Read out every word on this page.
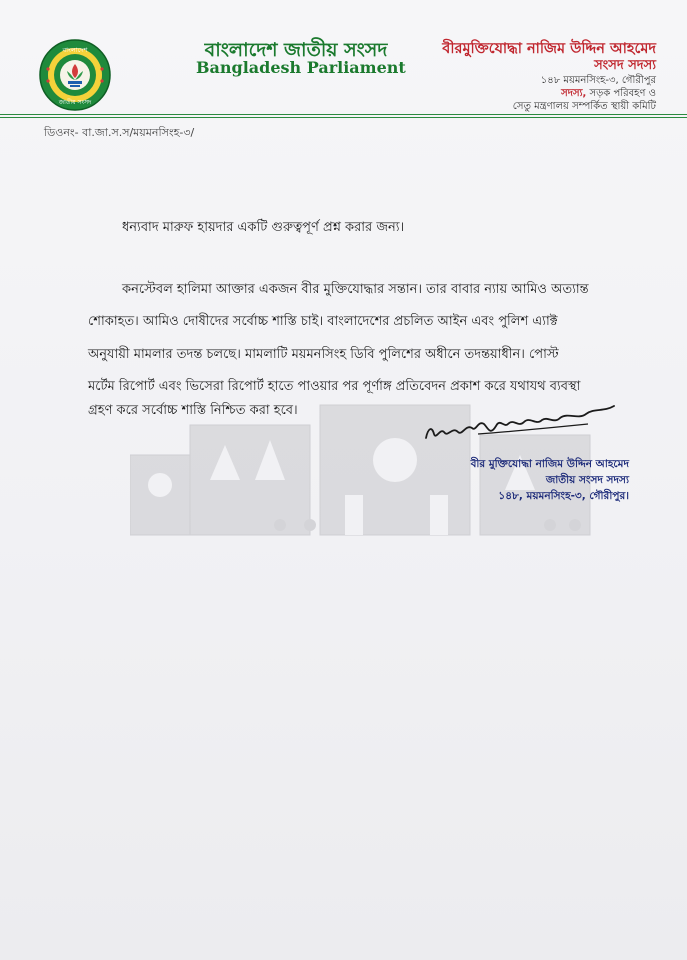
বাংলাদেশ
জাতীয় সংসদ
বাংলাদেশ জাতীয় সংসদ
Bangladesh Parliament
বীরমুক্তিযোদ্ধা নাজিম উদ্দিন আহমেদ
সংসদ সদস্য
১৪৮ ময়মনসিংহ-৩, গৌরীপুর
সদস্য, সড়ক পরিবহণ ও
সেতু মন্ত্রণালয় সম্পর্কিত স্থায়ী কমিটি
ডিওনং- বা.জা.স.স/ময়মনসিংহ-৩/
ধন্যবাদ মারুফ হায়দার একটি গুরুত্বপূর্ণ প্রশ্ন করার জন্য।
কনস্টেবল হালিমা আক্তার একজন বীর মুক্তিযোদ্ধার সন্তান। তার বাবার ন্যায় আমিও অত্যান্ত
শোকাহত। আমিও দোষীদের সর্বোচ্চ শাস্তি চাই। বাংলাদেশের প্রচলিত আইন এবং পুলিশ এ্যাক্ট
অনুযায়ী মামলার তদন্ত চলছে। মামলাটি ময়মনসিংহ ডিবি পুলিশের অধীনে তদন্তয়াধীন। পোস্ট
মর্টেম রিপোর্ট এবং ভিসেরা রিপোর্ট হাতে পাওয়ার পর পূর্ণাঙ্গ প্রতিবেদন প্রকাশ করে যথাযথ ব্যবস্থা
গ্রহণ করে সর্বোচ্চ শাস্তি নিশ্চিত করা হবে।
বীর মুক্তিযোদ্ধা নাজিম উদ্দিন আহমেদ
জাতীয় সংসদ সদস্য
১৪৮, ময়মনসিংহ-৩, গৌরীপুর।
